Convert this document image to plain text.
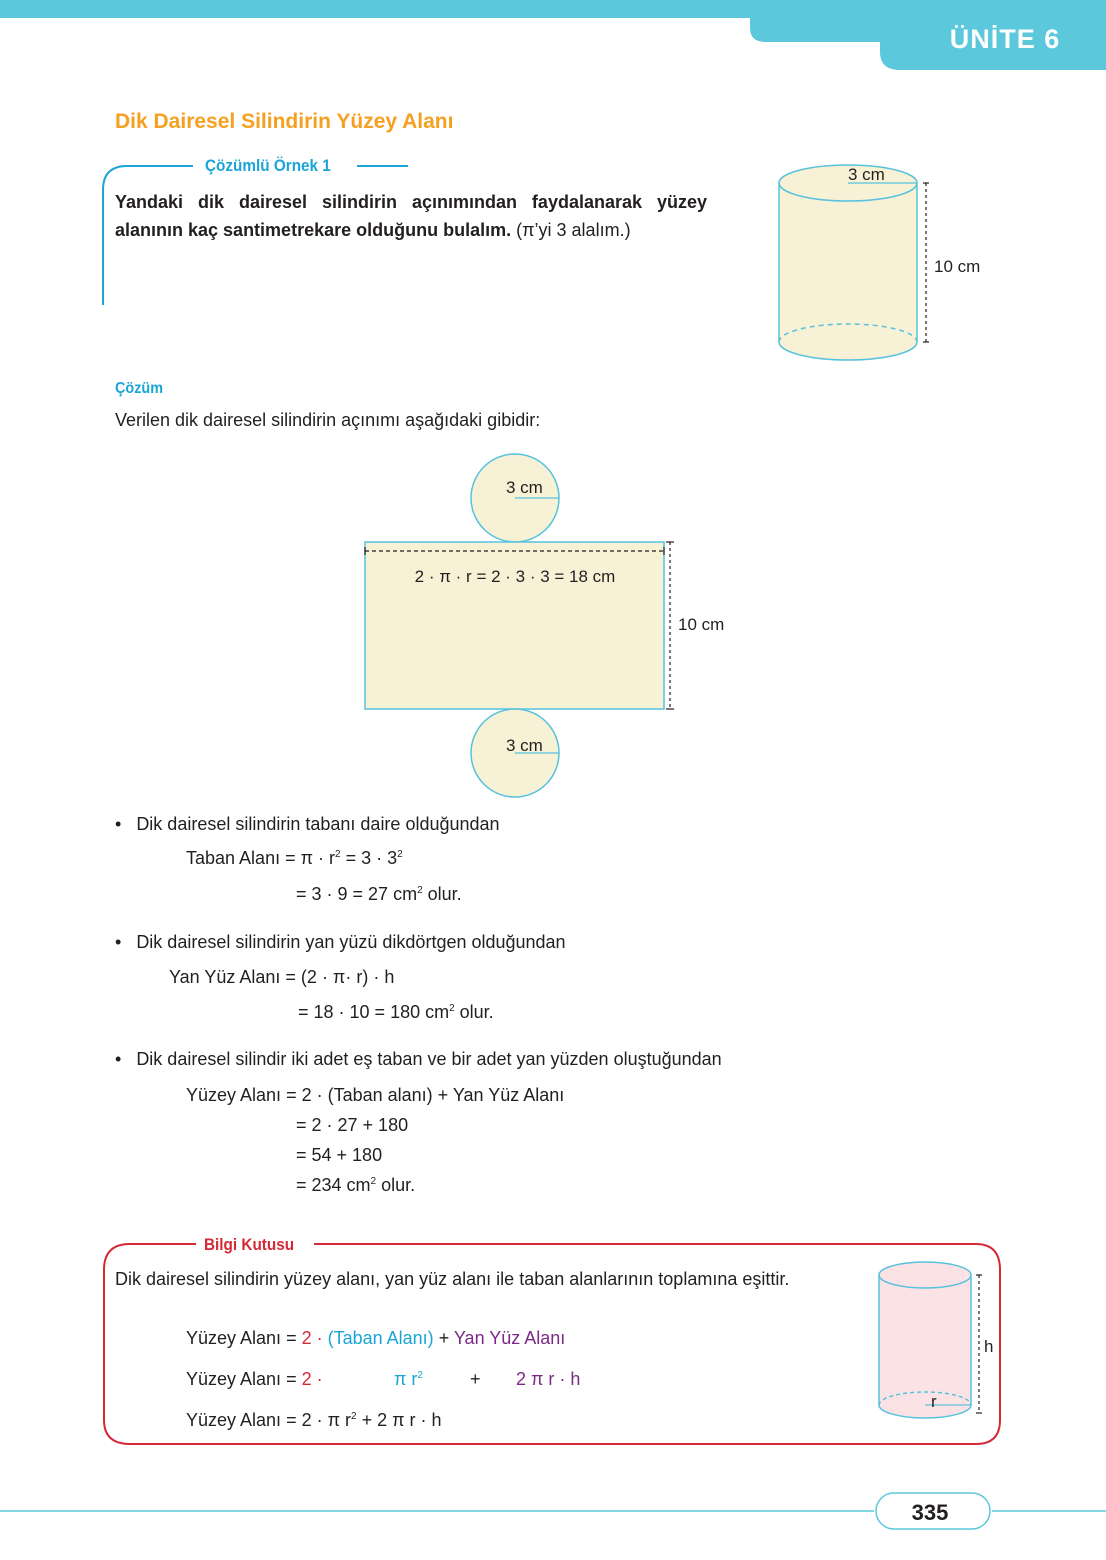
ÜNİTE 6
Dik Dairesel Silindirin Yüzey Alanı
Çözümlü Örnek 1
Yandaki dik dairesel silindirin açınımından faydalanarak yüzey
alanının kaç santimetrekare olduğunu bulalım. (π’yi 3 alalım.)
3 cm
10 cm
Çözüm
Verilen dik dairesel silindirin açınımı aşağıdaki gibidir:
3 cm
3 cm
2 · π · r = 2 · 3 · 3 = 18 cm
10 cm
•   Dik dairesel silindirin tabanı daire olduğundan
Taban Alanı = $\pi \cdot r^2 = 3 \cdot 3^2$
= 3 · 9 = 27 $cm^2$ olur.
•   Dik dairesel silindirin yan yüzü dikdörtgen olduğundan
Yan Yüz Alanı = (2 · π· r) · h
= 18 · 10 = 180 $cm^2$ olur.
•   Dik dairesel silindir iki adet eş taban ve bir adet yan yüzden oluştuğundan
Yüzey Alanı = 2 · (Taban alanı) + Yan Yüz Alanı
= 2 · 27 + 180
= 54 + 180
= 234 $cm^2$ olur.
Bilgi Kutusu
Dik dairesel silindirin yüzey alanı, yan yüz alanı ile taban alanlarının toplamına eşittir.
Yüzey Alanı = 2 · (Taban Alanı) + Yan Yüz Alanı
Yüzey Alanı = 2 ·	π $r^2$	+ 2 π r · h
Yüzey Alanı = 2 · π $r^2 + 2$ π r · h
h
r
335
